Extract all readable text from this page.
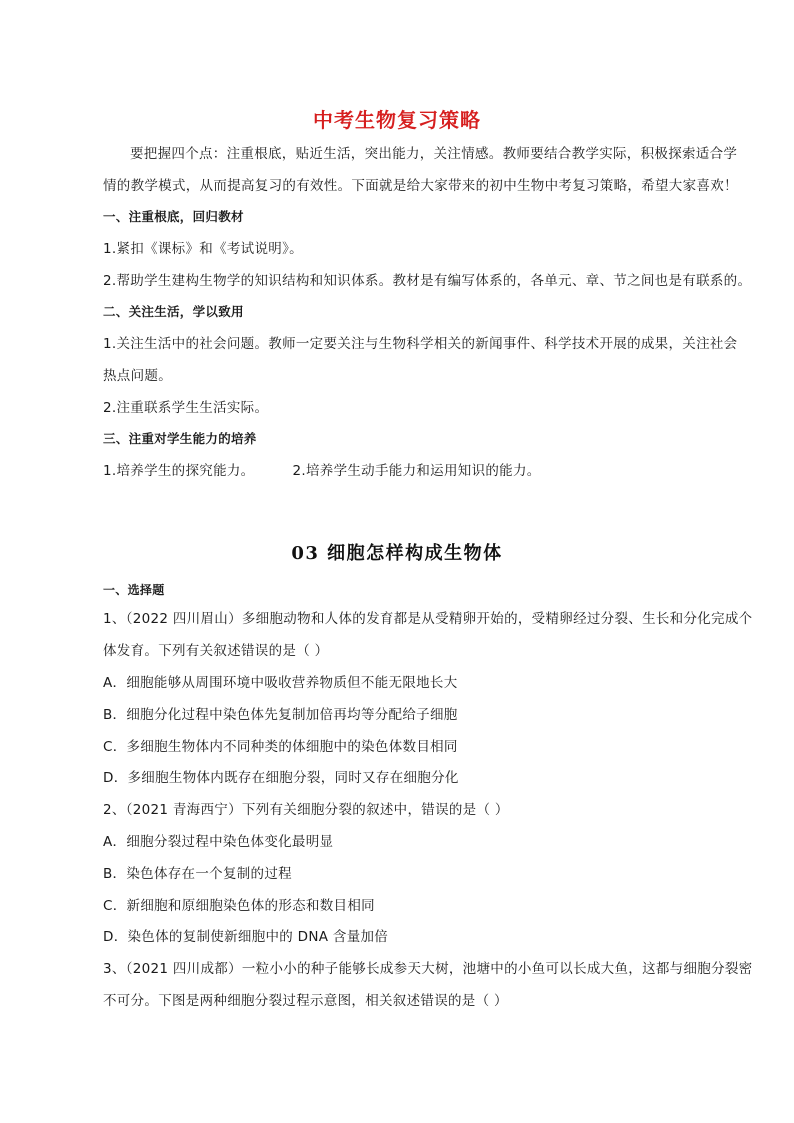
中考生物复习策略
要把握四个点：注重根底，贴近生活，突出能力，关注情感。教师要结合教学实际，积极探索适合学
情的教学模式，从而提高复习的有效性。下面就是给大家带来的初中生物中考复习策略，希望大家喜欢！
一、注重根底，回归教材
1.紧扣《课标》和《考试说明》。
2.帮助学生建构生物学的知识结构和知识体系。教材是有编写体系的，各单元、章、节之间也是有联系的。
二、关注生活，学以致用
1.关注生活中的社会问题。教师一定要关注与生物科学相关的新闻事件、科学技术开展的成果，关注社会
热点问题。
2.注重联系学生生活实际。
三、注重对学生能力的培养
1.培养学生的探究能力。	2.培养学生动手能力和运用知识的能力。
03 细胞怎样构成生物体
一、选择题
1、（2022 四川眉山）多细胞动物和人体的发育都是从受精卵开始的，受精卵经过分裂、生长和分化完成个
体发育。下列有关叙述错误的是（ ）
A．细胞能够从周围环境中吸收营养物质但不能无限地长大
B．细胞分化过程中染色体先复制加倍再均等分配给子细胞
C．多细胞生物体内不同种类的体细胞中的染色体数目相同
D．多细胞生物体内既存在细胞分裂，同时又存在细胞分化
2、（2021 青海西宁）下列有关细胞分裂的叙述中，错误的是（ ）
A．细胞分裂过程中染色体变化最明显
B．染色体存在一个复制的过程
C．新细胞和原细胞染色体的形态和数目相同
D．染色体的复制使新细胞中的 DNA 含量加倍
3、（2021 四川成都）一粒小小的种子能够长成参天大树，池塘中的小鱼可以长成大鱼，这都与细胞分裂密
不可分。下图是两种细胞分裂过程示意图，相关叙述错误的是（ ）
